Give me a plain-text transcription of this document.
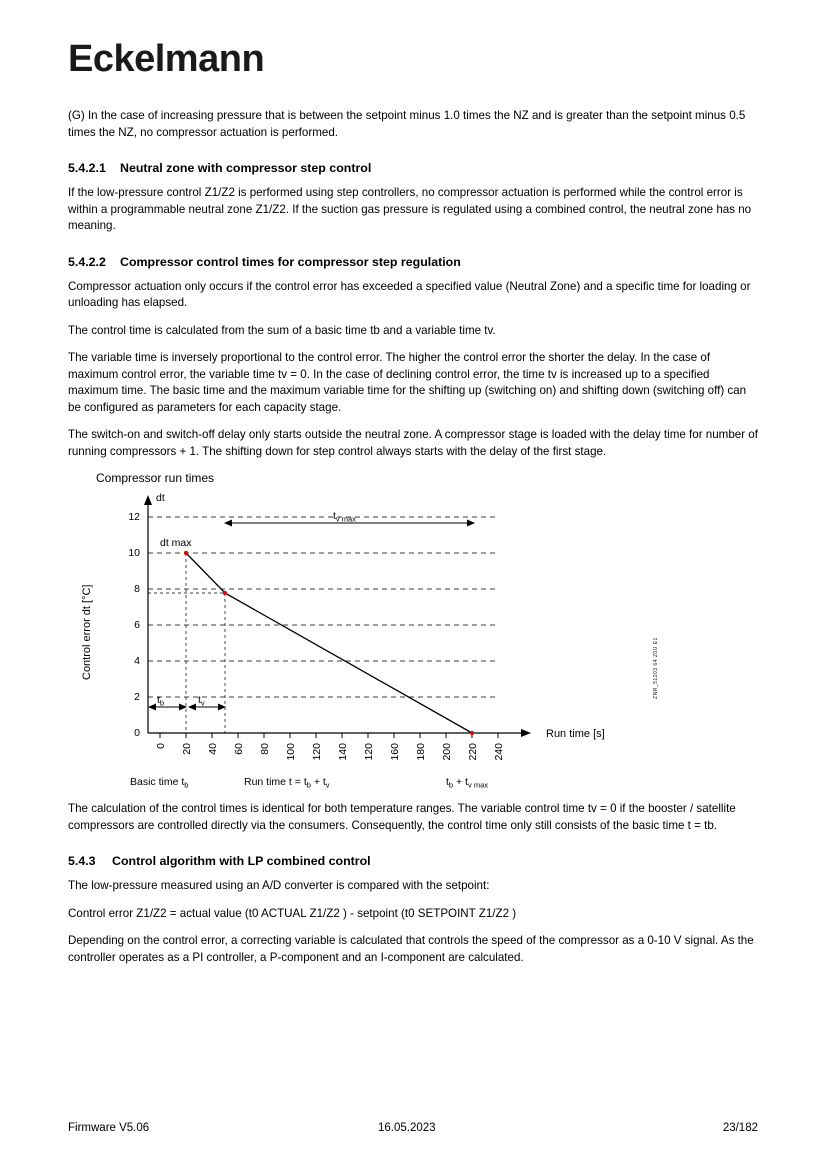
Eckelmann

(G) In the case of increasing pressure that is between the setpoint minus 1.0 times the NZ and is greater than the setpoint minus 0.5 times the NZ, no compressor actuation is performed.

5.4.2.1 Neutral zone with compressor step control

If the low-pressure control Z1/Z2 is performed using step controllers, no compressor actuation is performed while the control error is within a programmable neutral zone Z1/Z2. If the suction gas pressure is regulated using a combined control, the neutral zone has no meaning.

5.4.2.2 Compressor control times for compressor step regulation

Compressor actuation only occurs if the control error has exceeded a specified value (Neutral Zone) and a specific time for loading or unloading has elapsed.

The control time is calculated from the sum of a basic time tb and a variable time tv.

The variable time is inversely proportional to the control error. The higher the control error the shorter the delay. In the case of maximum control error, the variable time tv = 0. In the case of declining control error, the time tv is increased up to a specified maximum time. The basic time and the maximum variable time for the shifting up (switching on) and shifting down (switching off) can be configured as parameters for each capacity stage.

The switch-on and switch-off delay only starts outside the neutral zone. A compressor stage is loaded with the delay time for number of running compressors + 1. The shifting down for step control always starts with the delay of the first stage.

Compressor run times
Control error dt [°C]
dt
0
2
4
6
8
10
12
0 20 40 60 80 100 120 140 120 160 180 200 220 240
Run time [s]
dt max
$t_{v max}$
$t_b$	$t_v$
Basic time $t_b$	Run time $t = t_b + t_v$	$t_b + t_{v max}$
ZNR_51203 64 Z0U E1

The calculation of the control times is identical for both temperature ranges. The variable control time tv = 0 if the booster / satellite compressors are controlled directly via the consumers. Consequently, the control time only still consists of the basic time t = tb.

5.4.3 Control algorithm with LP combined control

The low-pressure measured using an A/D converter is compared with the setpoint:

Control error Z1/Z2 = actual value (t0 ACTUAL Z1/Z2 ) - setpoint (t0 SETPOINT Z1/Z2 )

Depending on the control error, a correcting variable is calculated that controls the speed of the compressor as a 0-10 V signal. As the controller operates as a PI controller, a P-component and an I-component are calculated.

Firmware V5.06	16.05.2023	23/182
